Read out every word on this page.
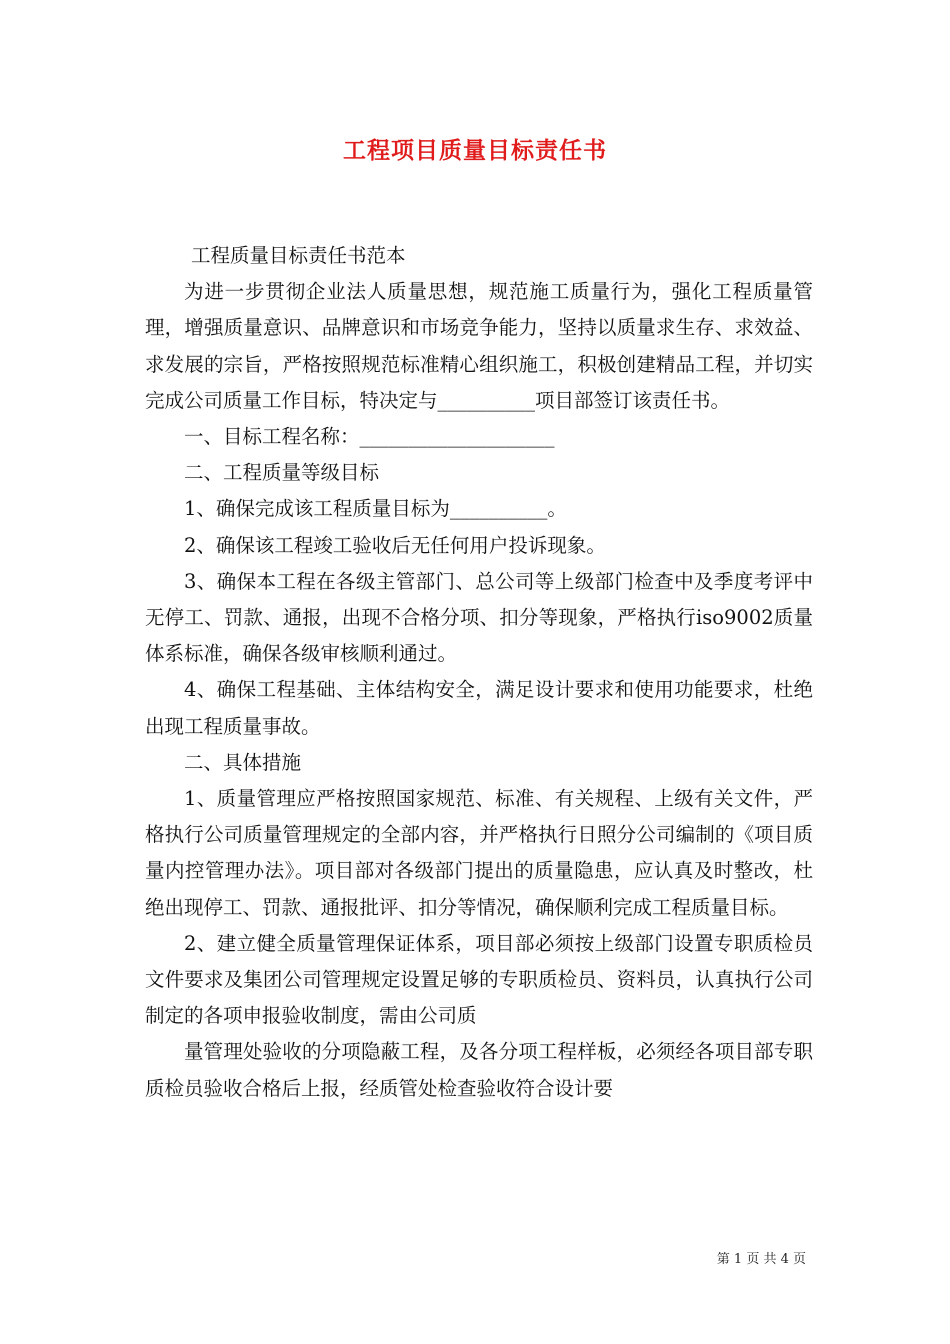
工程项目质量目标责任书

工程质量目标责任书范本

为进一步贯彻企业法人质量思想，规范施工质量行为，强化工程质量管理，增强质量意识、品牌意识和市场竞争能力，坚持以质量求生存、求效益、求发展的宗旨，严格按照规范标准精心组织施工，积极创建精品工程，并切实完成公司质量工作目标，特决定与__________项目部签订该责任书。

一、目标工程名称：____________________

二、工程质量等级目标

1、确保完成该工程质量目标为__________。

2、确保该工程竣工验收后无任何用户投诉现象。

3、确保本工程在各级主管部门、总公司等上级部门检查中及季度考评中无停工、罚款、通报，出现不合格分项、扣分等现象，严格执行iso9002质量体系标准，确保各级审核顺利通过。

4、确保工程基础、主体结构安全，满足设计要求和使用功能要求，杜绝出现工程质量事故。

二、具体措施

1、质量管理应严格按照国家规范、标准、有关规程、上级有关文件，严格执行公司质量管理规定的全部内容，并严格执行日照分公司编制的《项目质量内控管理办法》。项目部对各级部门提出的质量隐患，应认真及时整改，杜绝出现停工、罚款、通报批评、扣分等情况，确保顺利完成工程质量目标。

2、建立健全质量管理保证体系，项目部必须按上级部门设置专职质检员文件要求及集团公司管理规定设置足够的专职质检员、资料员，认真执行公司制定的各项申报验收制度，需由公司质

量管理处验收的分项隐蔽工程，及各分项工程样板，必须经各项目部专职质检员验收合格后上报，经质管处检查验收符合设计要

第 1 页 共 4 页
